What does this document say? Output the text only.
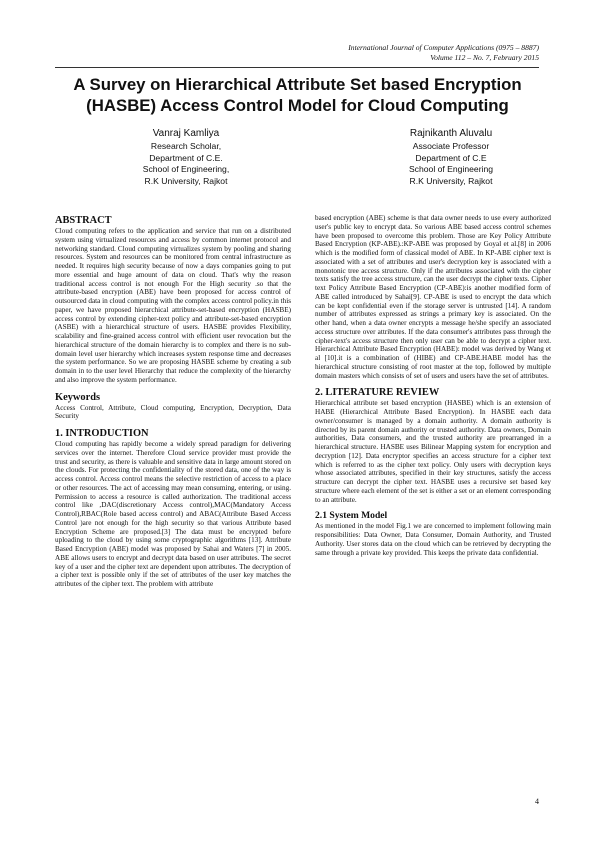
International Journal of Computer Applications (0975 – 8887)
Volume 112 – No. 7, February 2015
A Survey on Hierarchical Attribute Set based Encryption
(HASBE) Access Control Model for Cloud Computing
Vanraj Kamliya
Research Scholar,
Department of C.E.
School of Engineering,
R.K University, Rajkot
Rajnikanth Aluvalu
Associate Professor
Department of C.E
School of Engineering
R.K University, Rajkot
ABSTRACT

Cloud computing refers to the application and service that run on a distributed system using virtualized resources and access by common internet protocol and networking standard. Cloud computing virtualizes system by pooling and sharing resources. System and resources can be monitored from central infrastructure as needed. It requires high security because of now a days companies going to put more essential and huge amount of data on cloud. That's why the reason traditional access control is not enough For the High security .so that the attribute-based encryption (ABE) have been proposed for access control of outsourced data in cloud computing with the complex access control policy.in this paper, we have proposed hierarchical attribute-set-based encryption (HASBE) access control by extending cipher-text policy and attribute-set-based encryption (ASBE) with a hierarchical structure of users. HASBE provides Flexibility, scalability and fine-grained access control with efficient user revocation but the hierarchical structure of the domain hierarchy is to complex and there is no sub-domain level user hierarchy which increases system response time and decreases the system performance. So we are proposing HASBE scheme by creating a sub domain in to the user level Hierarchy that reduce the complexity of the hierarchy and also improve the system performance.

Keywords

Access Control, Attribute, Cloud computing, Encryption, Decryption, Data Security

1. INTRODUCTION

Cloud computing has rapidly become a widely spread paradigm for delivering services over the internet. Therefore Cloud service provider must provide the trust and security, as there is valuable and sensitive data in large amount stored on the clouds. For protecting the confidentiality of the stored data, one of the way is access control. Access control means the selective restriction of access to a place or other resources. The act of accessing may mean consuming, entering, or using. Permission to access a resource is called authorization. The traditional access control like ,DAC(discretionary Access control),MAC(Mandatory Access Control),RBAC(Role based access control) and ABAC(Attribute Based Access Control )are not enough for the high security so that various Attribute based Encryption Scheme are proposed.[3] The data must be encrypted before uploading to the cloud by using some cryptographic algorithms [13]. Attribute Based Encryption (ABE) model was proposed by Sahai and Waters [7] in 2005. ABE allows users to encrypt and decrypt data based on user attributes. The secret key of a user and the cipher text are dependent upon attributes. The decryption of a cipher text is possible only if the set of attributes of the user key matches the attributes of the cipher text. The problem with attribute

based encryption (ABE) scheme is that data owner needs to use every authorized user's public key to encrypt data. So various ABE based access control schemes have been proposed to overcome this problem. Those are Key Policy Attribute Based Encryption (KP-ABE).:KP-ABE was proposed by Goyal et al.[8] in 2006 which is the modified form of classical model of ABE. In KP-ABE cipher text is associated with a set of attributes and user's decryption key is associated with a monotonic tree access structure. Only if the attributes associated with the cipher texts satisfy the tree access structure, can the user decrypt the cipher texts. Cipher text Policy Attribute Based Encryption (CP-ABE):is another modified form of ABE called introduced by Sahai[9]. CP-ABE is used to encrypt the data which can be kept confidential even if the storage server is untrusted [14]. A random number of attributes expressed as strings a primary key is associated. On the other hand, when a data owner encrypts a message he/she specify an associated access structure over attributes. If the data consumer's attributes pass through the cipher-text's access structure then only user can be able to decrypt a cipher text. Hierarchical Attribute Based Encryption (HABE): model was derived by Wang et al [10].it is a combination of (HIBE) and CP-ABE.HABE model has the hierarchical structure consisting of root master at the top, followed by multiple domain masters which consists of set of users and users have the set of attributes.

2. LITERATURE REVIEW

Hierarchical attribute set based encryption (HASBE) which is an extension of HABE (Hierarchical Attribute Based Encryption). In HASBE each data owner/consumer is managed by a domain authority. A domain authority is directed by its parent domain authority or trusted authority. Data owners, Domain authorities, Data consumers, and the trusted authority are prearranged in a hierarchical structure. HASBE uses Bilinear Mapping system for encryption and decryption [12]. Data encryptor specifies an access structure for a cipher text which is referred to as the cipher text policy. Only users with decryption keys whose associated attributes, specified in their key structures, satisfy the access structure can decrypt the cipher text. HASBE uses a recursive set based key structure where each element of the set is either a set or an element corresponding to an attribute.

2.1 System Model

As mentioned in the model Fig.1 we are concerned to implement following main responsibilities: Data Owner, Data Consumer, Domain Authority, and Trusted Authority. User stores data on the cloud which can be retrieved by decrypting the same through a private key provided. This keeps the private data confidential.

4
